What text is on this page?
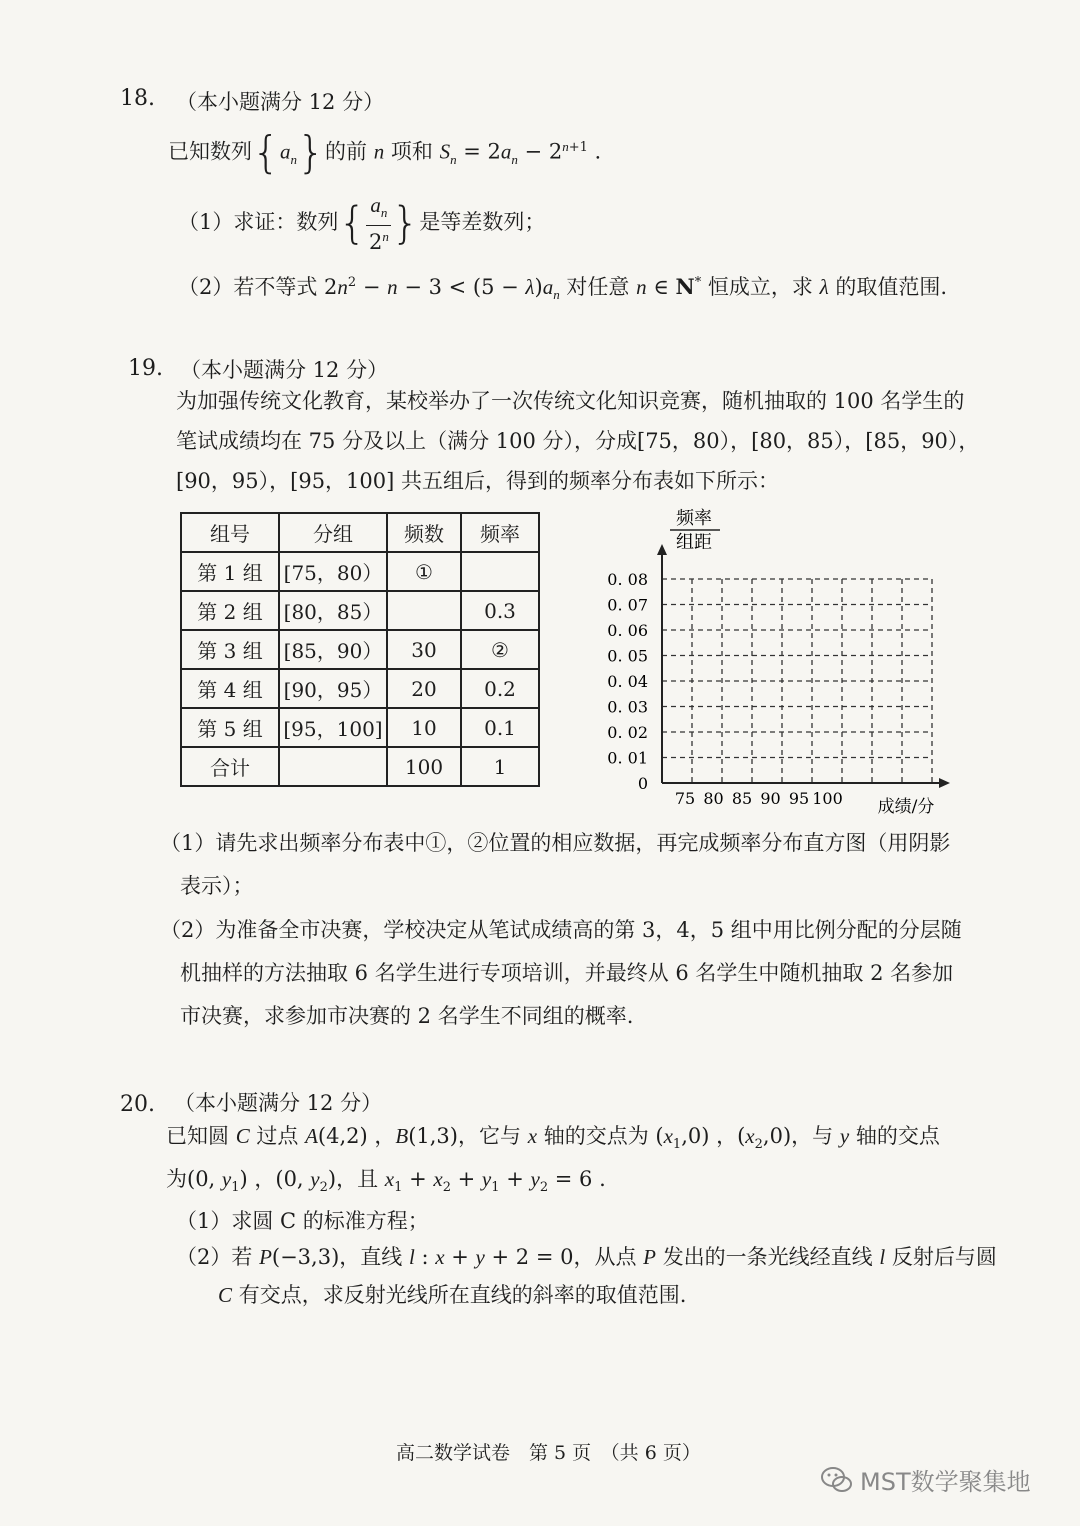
18. （本小题满分 12 分）
已知数列$\{a_n\}$的前 n 项和 $S_n = 2a_n - 2^{n+1}$ .
（1）求证：数列{ $\frac{a_n}{2^n}$ }是等差数列；
（2）若不等式 $2n^2 - n - 3 < (5 - \lambda)a_n$ 对任意 n ∈ N* 恒成立，求 λ 的取值范围.
19. （本小题满分 12 分）
为加强传统文化教育，某校举办了一次传统文化知识竞赛，随机抽取的 100 名学生的
笔试成绩均在 75 分及以上（满分 100 分），分成[75，80），[80，85），[85，90），
[90，95），[95，100] 共五组后，得到的频率分布表如下所示：
组号	分组	频数	频率
第 1 组	[75，80）	①	
第 2 组	[80，85）		0.3
第 3 组	[85，90）	30	②
第 4 组	[90，95）	20	0.2
第 5 组	[95，100]	10	0.1
合计		100	1
频率
组距
成绩/分
0
0. 01
0. 02
0. 03
0. 04
0. 05
0. 06
0. 07
0. 08
75 80 85 90 95 100
（1）请先求出频率分布表中①，②位置的相应数据，再完成频率分布直方图（用阴影
表示）；
（2）为准备全市决赛，学校决定从笔试成绩高的第 3，4，5 组中用比例分配的分层随
机抽样的方法抽取 6 名学生进行专项培训，并最终从 6 名学生中随机抽取 2 名参加
市决赛，求参加市决赛的 2 名学生不同组的概率.
20. （本小题满分 12 分）
已知圆 C 过点 A(4,2) ，B(1,3)，它与 x 轴的交点为 $(x_1,0)$ ，$(x_2,0)$，与 y 轴的交点
为(0, $y_1$) ，(0, $y_2$)，且 $x_1 + x_2 + y_1 + y_2 = 6$ .
（1）求圆 C 的标准方程；
（2）若 P(−3,3)，直线 l : x + y + 2 = 0，从点 P 发出的一条光线经直线 l 反射后与圆
C 有交点，求反射光线所在直线的斜率的取值范围.
高二数学试卷　第 5 页　（共 6 页）
MST数学聚集地
